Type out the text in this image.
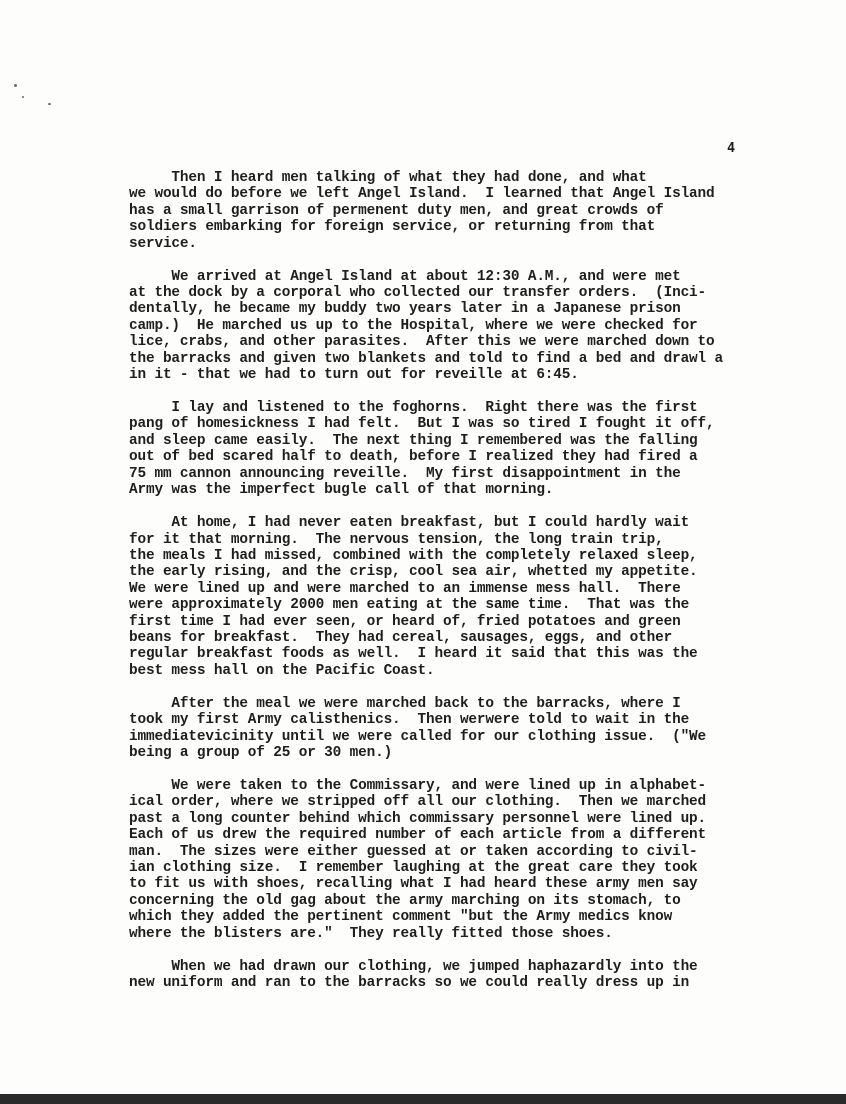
4
Then I heard men talking of what they had done, and what
we would do before we left Angel Island.  I learned that Angel Island
has a small garrison of permenent duty men, and great crowds of
soldiers embarking for foreign service, or returning from that
service.
We arrived at Angel Island at about 12:30 A.M., and were met
at the dock by a corporal who collected our transfer orders.  (Inci-
dentally, he became my buddy two years later in a Japanese prison
camp.)  He marched us up to the Hospital, where we were checked for
lice, crabs, and other parasites.  After this we were marched down to
the barracks and given two blankets and told to find a bed and drawl a
in it - that we had to turn out for reveille at 6:45.
I lay and listened to the foghorns.  Right there was the first
pang of homesickness I had felt.  But I was so tired I fought it off,
and sleep came easily.  The next thing I remembered was the falling
out of bed scared half to death, before I realized they had fired a
75 mm cannon announcing reveille.  My first disappointment in the
Army was the imperfect bugle call of that morning.
At home, I had never eaten breakfast, but I could hardly wait
for it that morning.  The nervous tension, the long train trip,
the meals I had missed, combined with the completely relaxed sleep,
the early rising, and the crisp, cool sea air, whetted my appetite.
We were lined up and were marched to an immense mess hall.  There
were approximately 2000 men eating at the same time.  That was the
first time I had ever seen, or heard of, fried potatoes and green
beans for breakfast.  They had cereal, sausages, eggs, and other
regular breakfast foods as well.  I heard it said that this was the
best mess hall on the Pacific Coast.
After the meal we were marched back to the barracks, where I
took my first Army calisthenics.  Then werwere told to wait in the
immediatevicinity until we were called for our clothing issue.  ("We
being a group of 25 or 30 men.)
We were taken to the Commissary, and were lined up in alphabet-
ical order, where we stripped off all our clothing.  Then we marched
past a long counter behind which commissary personnel were lined up.
Each of us drew the required number of each article from a different
man.  The sizes were either guessed at or taken according to civil-
ian clothing size.  I remember laughing at the great care they took
to fit us with shoes, recalling what I had heard these army men say
concerning the old gag about the army marching on its stomach, to
which they added the pertinent comment "but the Army medics know
where the blisters are."  They really fitted those shoes.
When we had drawn our clothing, we jumped haphazardly into the
new uniform and ran to the barracks so we could really dress up in
